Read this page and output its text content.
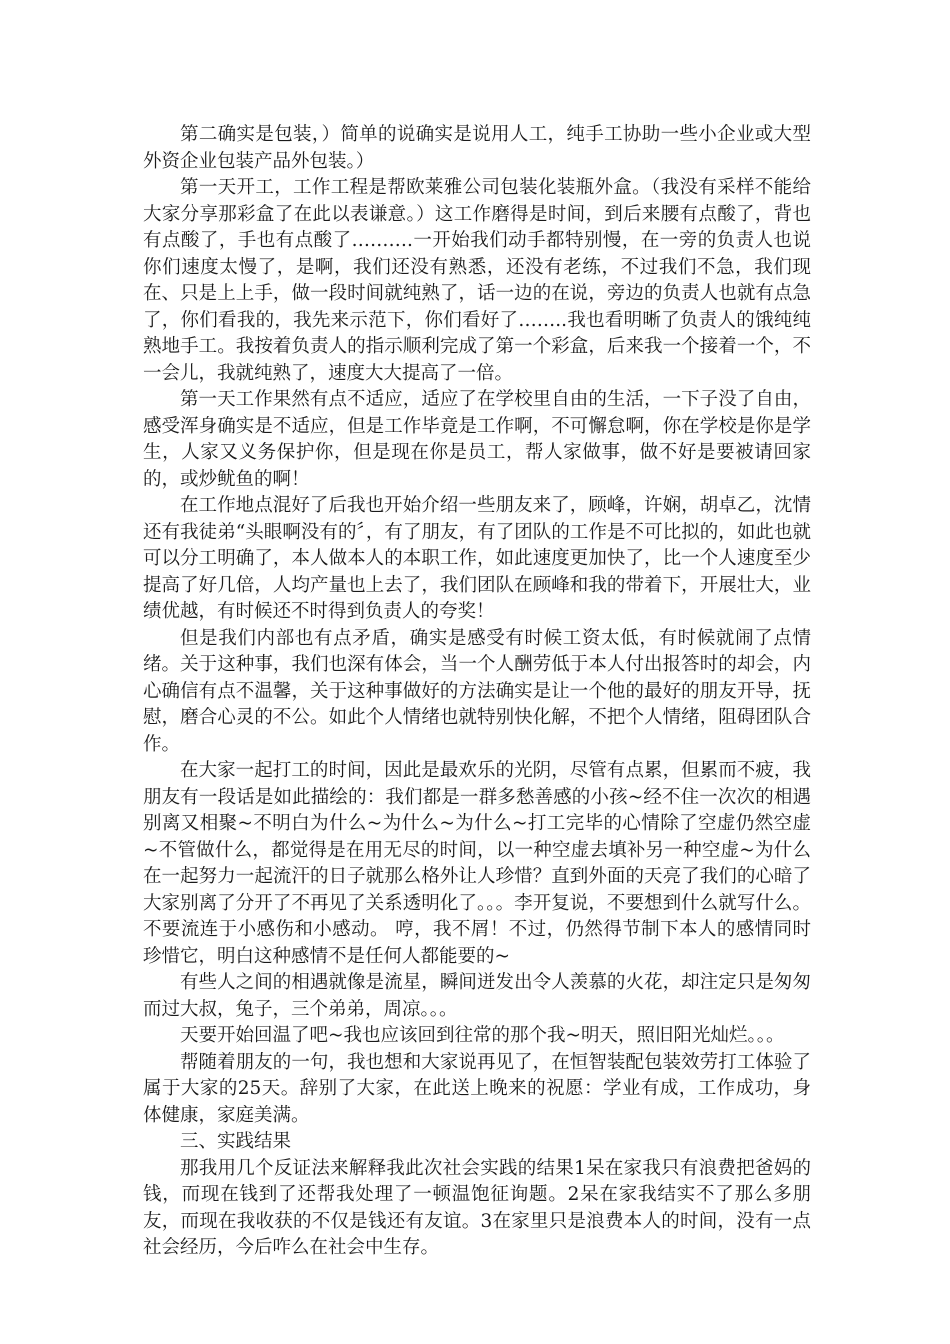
第二确实是包装，）简单的说确实是说用人工，纯手工协助一些小企业或大型外资企业包装产品外包装。）

第一天开工，工作工程是帮欧莱雅公司包装化装瓶外盒。（我没有采样不能给大家分享那彩盒了在此以表谦意。）这工作磨得是时间，到后来腰有点酸了，背也有点酸了，手也有点酸了……….一开始我们动手都特别慢，在一旁的负责人也说你们速度太慢了，是啊，我们还没有熟悉，还没有老练，不过我们不急，我们现在、只是上上手，做一段时间就纯熟了，话一边的在说，旁边的负责人也就有点急了，你们看我的，我先来示范下，你们看好了……..我也看明晰了负责人的饿纯纯熟地手工。我按着负责人的指示顺利完成了第一个彩盒，后来我一个接着一个，不一会儿，我就纯熟了，速度大大提高了一倍。

第一天工作果然有点不适应，适应了在学校里自由的生活，一下子没了自由，感受浑身确实是不适应，但是工作毕竟是工作啊，不可懈怠啊，你在学校是你是学生，人家又义务保护你，但是现在你是员工，帮人家做事，做不好是要被请回家的，或炒鱿鱼的啊！

在工作地点混好了后我也开始介绍一些朋友来了，顾峰，许娴，胡卓乙，沈情还有我徒弟“头眼啊没有的〞，有了朋友，有了团队的工作是不可比拟的，如此也就可以分工明确了，本人做本人的本职工作，如此速度更加快了，比一个人速度至少提高了好几倍，人均产量也上去了，我们团队在顾峰和我的带着下，开展壮大，业绩优越，有时候还不时得到负责人的夸奖！

但是我们内部也有点矛盾，确实是感受有时候工资太低，有时候就闹了点情绪。关于这种事，我们也深有体会，当一个人酬劳低于本人付出报答时的却会，内心确信有点不温馨，关于这种事做好的方法确实是让一个他的最好的朋友开导，抚慰，磨合心灵的不公。如此个人情绪也就特别快化解，不把个人情绪，阻碍团队合作。

在大家一起打工的时间，因此是最欢乐的光阴，尽管有点累，但累而不疲，我朋友有一段话是如此描绘的：我们都是一群多愁善感的小孩~经不住一次次的相遇别离又相聚~不明白为什么~为什么~为什么~打工完毕的心情除了空虚仍然空虚~不管做什么，都觉得是在用无尽的时间，以一种空虚去填补另一种空虚~为什么在一起努力一起流汗的日子就那么格外让人珍惜？直到外面的天亮了我们的心暗了大家别离了分开了不再见了关系透明化了。。。李开复说，不要想到什么就写什么。不要流连于小感伤和小感动。 哼，我不屑！不过，仍然得节制下本人的感情同时珍惜它，明白这种感情不是任何人都能要的~

有些人之间的相遇就像是流星，瞬间迸发出令人羡慕的火花，却注定只是匆匆而过大叔，兔子，三个弟弟，周凉。。。

天要开始回温了吧~我也应该回到往常的那个我~明天，照旧阳光灿烂。。。

帮随着朋友的一句，我也想和大家说再见了，在恒智装配包装效劳打工体验了属于大家的25天。辞别了大家，在此送上晚来的祝愿：学业有成，工作成功，身体健康，家庭美满。

三、实践结果

那我用几个反证法来解释我此次社会实践的结果1呆在家我只有浪费把爸妈的钱，而现在钱到了还帮我处理了一顿温饱征询题。2呆在家我结实不了那么多朋友，而现在我收获的不仅是钱还有友谊。3在家里只是浪费本人的时间，没有一点社会经历，今后咋么在社会中生存。
